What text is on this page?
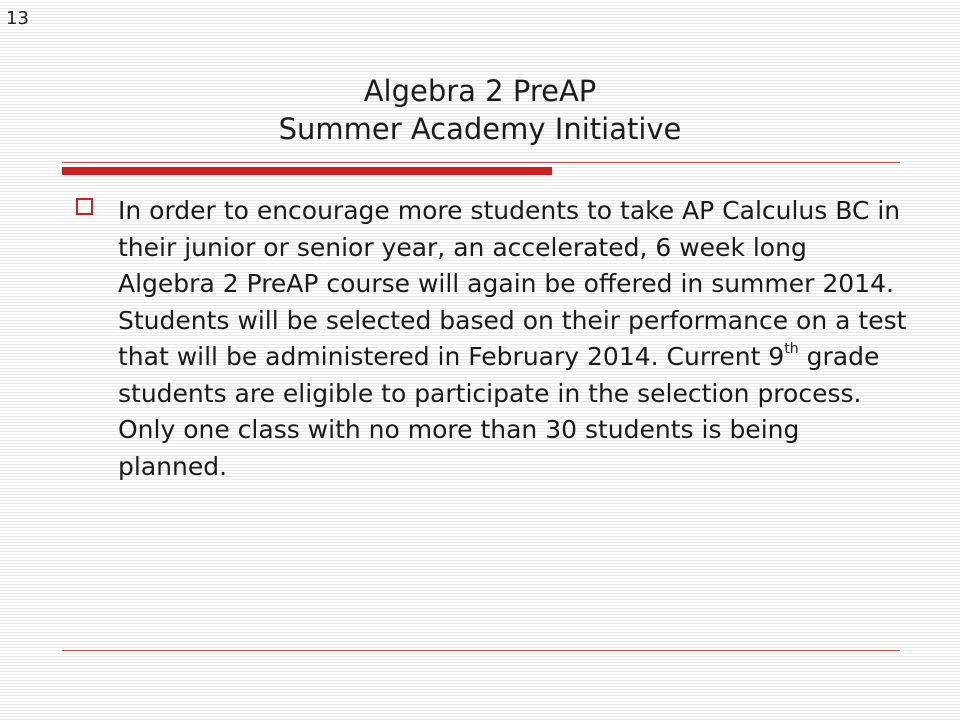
13
Algebra 2 PreAP
Summer Academy Initiative
In order to encourage more students to take AP Calculus BC in their junior or senior year, an accelerated, 6 week long Algebra 2 PreAP course will again be offered in summer 2014. Students will be selected based on their performance on a test that will be administered in February 2014. Current 9th grade students are eligible to participate in the selection process. Only one class with no more than 30 students is being planned.
